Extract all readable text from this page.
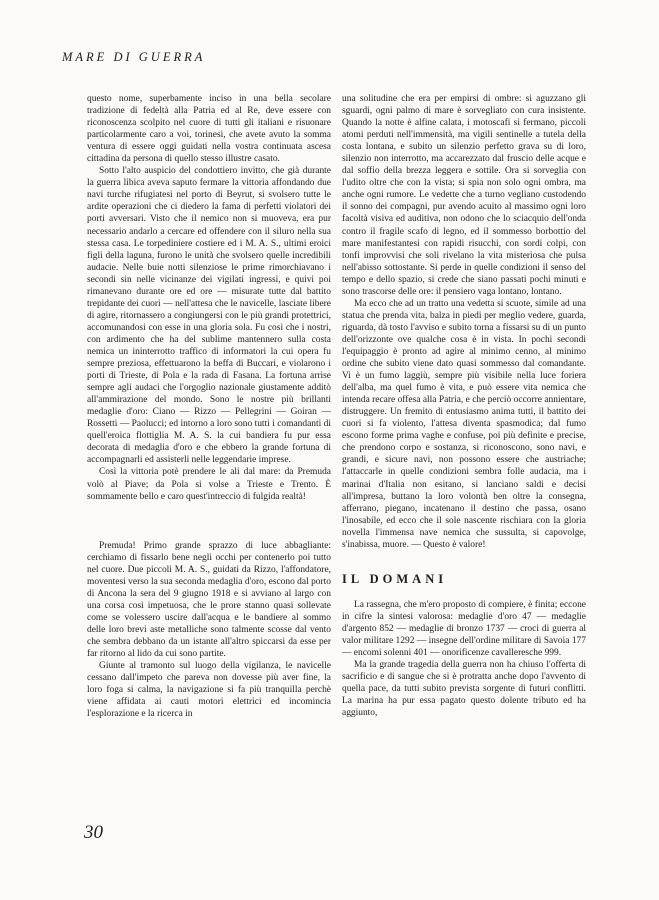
MARE DI GUERRA

questo nome, superbamente inciso in una bella secolare tradizione di fedeltà alla Patria ed al Re, deve essere con riconoscenza scolpito nel cuore di tutti gli italiani e risuonare particolarmente caro a voi, torinesi, che avete avuto la somma ventura di essere oggi guidati nella vostra continuata ascesa cittadina da persona di quello stesso illustre casato.

Sotto l'alto auspicio del condottiero invitto, che già durante la guerra libica aveva saputo fermare la vittoria affondando due navi turche rifugiatesi nel porto di Beyrut, si svolsero tutte le ardite operazioni che ci diedero la fama di perfetti violatori dei porti avversari. Visto che il nemico non si muoveva, era pur necessario andarlo a cercare ed offendere con il siluro nella sua stessa casa. Le torpediniere costiere ed i M. A. S., ultimi eroici figli della laguna, furono le unità che svolsero quelle incredibili audacie. Nelle buie notti silenziose le prime rimorchiavano i secondi sin nelle vicinanze dei vigilati ingressi, e quivi poi rimanevano durante ore ed ore — misurate tutte dal battito trepidante dei cuori — nell'attesa che le navicelle, lasciate libere di agire, ritornassero a congiungersi con le più grandi protettrici, accomunandosi con esse in una gloria sola. Fu così che i nostri, con ardimento che ha del sublime mantennero sulla costa nemica un ininterrotto traffico di informatori la cui opera fu sempre preziosa, effettuarono la beffa di Buccari, e violarono i porti di Trieste, di Pola e la rada di Fasana. La fortuna arrise sempre agli audaci che l'orgoglio nazionale giustamente additò all'ammirazione del mondo. Sono le nostre più brillanti medaglie d'oro: Ciano — Rizzo — Pellegrini — Goiran — Rossetti — Paolucci; ed intorno a loro sono tutti i comandanti di quell'eroica flottiglia M. A. S. la cui bandiera fu pur essa decorata di medaglia d'oro e che ebbero la grande fortuna di accompagnarli ed assisterli nelle leggendarie imprese.

Così la vittoria potè prendere le ali dal mare: da Premuda volò al Piave; da Pola si volse a Trieste e Trento. È sommamente bello e caro quest'intreccio di fulgida realtà!

Premuda! Primo grande sprazzo di luce abbagliante: cerchiamo di fissarlo bene negli occhi per contenerlo poi tutto nel cuore. Due piccoli M. A. S., guidati da Rizzo, l'affondatore, moventesi verso la sua seconda medaglia d'oro, escono dal porto di Ancona la sera del 9 giugno 1918 e si avviano al largo con una corsa così impetuosa, che le prore stanno quasi sollevate come se volessero uscire dall'acqua e le bandiere al sommo delle loro brevi aste metalliche sono talmente scosse dal vento che sembra debbano da un istante all'altro spiccarsi da esse per far ritorno al lido da cui sono partite.

Giunte al tramonto sul luogo della vigilanza, le navicelle cessano dall'impeto che pareva non dovesse più aver fine, la loro foga si calma, la navigazione si fa più tranquilla perchè viene affidata ai cauti motori elettrici ed incomincia l'esplorazione e la ricerca in

una solitudine che era per empirsi di ombre: si aguzzano gli sguardi, ogni palmo di mare è sorvegliato con cura insistente. Quando la notte è alfine calata, i motoscafi si fermano, piccoli atomi perduti nell'immensità, ma vigili sentinelle a tutela della costa lontana, e subito un silenzio perfetto grava su di loro, silenzio non interrotto, ma accarezzato dal fruscio delle acque e dal soffio della brezza leggera e sottile. Ora si sorveglia con l'udito oltre che con la vista; si spia non solo ogni ombra, ma anche ogni rumore. Le vedette che a turno vegliano custodendo il sonno dei compagni, pur avendo acuito al massimo ogni loro facoltà visiva ed auditiva, non odono che lo sciacquio dell'onda contro il fragile scafo di legno, ed il sommesso borbottio del mare manifestantesi con rapidi risucchi, con sordi colpi, con tonfi improvvisi che soli rivelano la vita misteriosa che pulsa nell'abisso sottostante. Si perde in quelle condizioni il senso del tempo e dello spazio, si crede che siano passati pochi minuti e sono trascorse delle ore: il pensiero vaga lontano, lontano.

Ma ecco che ad un tratto una vedetta si scuote, simile ad una statua che prenda vita, balza in piedi per meglio vedere, guarda, riguarda, dà tosto l'avviso e subito torna a fissarsi su di un punto dell'orizzonte ove qualche cosa è in vista. In pochi secondi l'equipaggio è pronto ad agire al minimo cenno, al minimo ordine che subito viene dato quasi sommesso dal comandante. Vi è un fumo laggiù, sempre più visibile nella luce foriera dell'alba, ma quel fumo è vita, e può essere vita nemica che intenda recare offesa alla Patria, e che perciò occorre annientare, distruggere. Un fremito di entusiasmo anima tutti, il battito dei cuori si fa violento, l'attesa diventa spasmodica; dal fumo escono forme prima vaghe e confuse, poi più definite e precise, che prendono corpo e sostanza, si riconoscono, sono navi, e grandi, e sicure navi, non possono essere che austriache; l'attaccarle in quelle condizioni sembra folle audacia, ma i marinai d'Italia non esitano, si lanciano saldi e decisi all'impresa, buttano la loro volontà ben oltre la consegna, afferrano, piegano, incatenano il destino che passa, osano l'inosabile, ed ecco che il sole nascente rischiara con la gloria novella l'immensa nave nemica che sussulta, si capovolge, s'inabissa, muore. — Questo è valore!

IL DOMANI

La rassegna, che m'ero proposto di compiere, è finita; eccone in cifre la sintesi valorosa: medaglie d'oro 47 — medaglie d'argento 852 — medaglie di bronzo 1737 — croci di guerra al valor militare 1292 — insegne dell'ordine militare di Savoia 177 — encomi solenni 401 — onorificenze cavalleresche 999.

Ma la grande tragedia della guerra non ha chiuso l'offerta di sacrificio e di sangue che si è protratta anche dopo l'avvento di quella pace, da tutti subito prevista sorgente di futuri conflitti. La marina ha pur essa pagato questo dolente tributo ed ha aggiunto,

30
